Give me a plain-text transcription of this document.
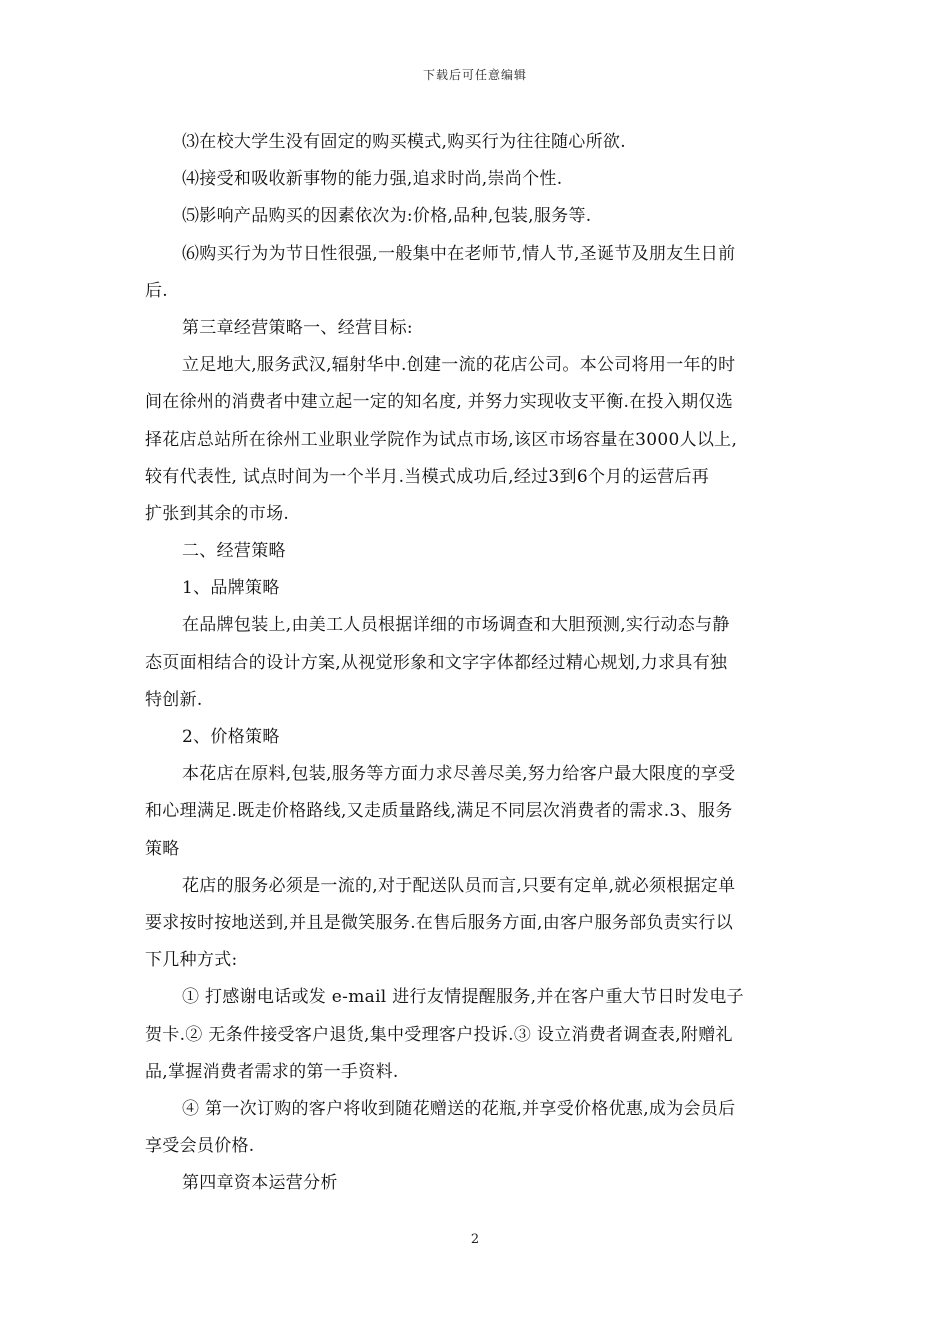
下载后可任意编辑
⑶在校大学生没有固定的购买模式,购买行为往往随心所欲.
⑷接受和吸收新事物的能力强,追求时尚,崇尚个性.
⑸影响产品购买的因素依次为:价格,品种,包装,服务等.
⑹购买行为为节日性很强,一般集中在老师节,情人节,圣诞节及朋友生日前
后.
第三章经营策略一、经营目标:
立足地大,服务武汉,辐射华中.创建一流的花店公司。本公司将用一年的时
间在徐州的消费者中建立起一定的知名度, 并努力实现收支平衡.在投入期仅选
择花店总站所在徐州工业职业学院作为试点市场,该区市场容量在3000人以上,
较有代表性, 试点时间为一个半月.当模式成功后,经过3到6个月的运营后再
扩张到其余的市场.
二、经营策略
1、品牌策略
在品牌包装上,由美工人员根据详细的市场调查和大胆预测,实行动态与静
态页面相结合的设计方案,从视觉形象和文字字体都经过精心规划,力求具有独
特创新.
2、价格策略
本花店在原料,包装,服务等方面力求尽善尽美,努力给客户最大限度的享受
和心理满足.既走价格路线,又走质量路线,满足不同层次消费者的需求.3、服务
策略
花店的服务必须是一流的,对于配送队员而言,只要有定单,就必须根据定单
要求按时按地送到,并且是微笑服务.在售后服务方面,由客户服务部负责实行以
下几种方式:
① 打感谢电话或发 e-mail 进行友情提醒服务,并在客户重大节日时发电子
贺卡.② 无条件接受客户退货,集中受理客户投诉.③ 设立消费者调查表,附赠礼
品,掌握消费者需求的第一手资料.
④ 第一次订购的客户将收到随花赠送的花瓶,并享受价格优惠,成为会员后
享受会员价格.
第四章资本运营分析
2
